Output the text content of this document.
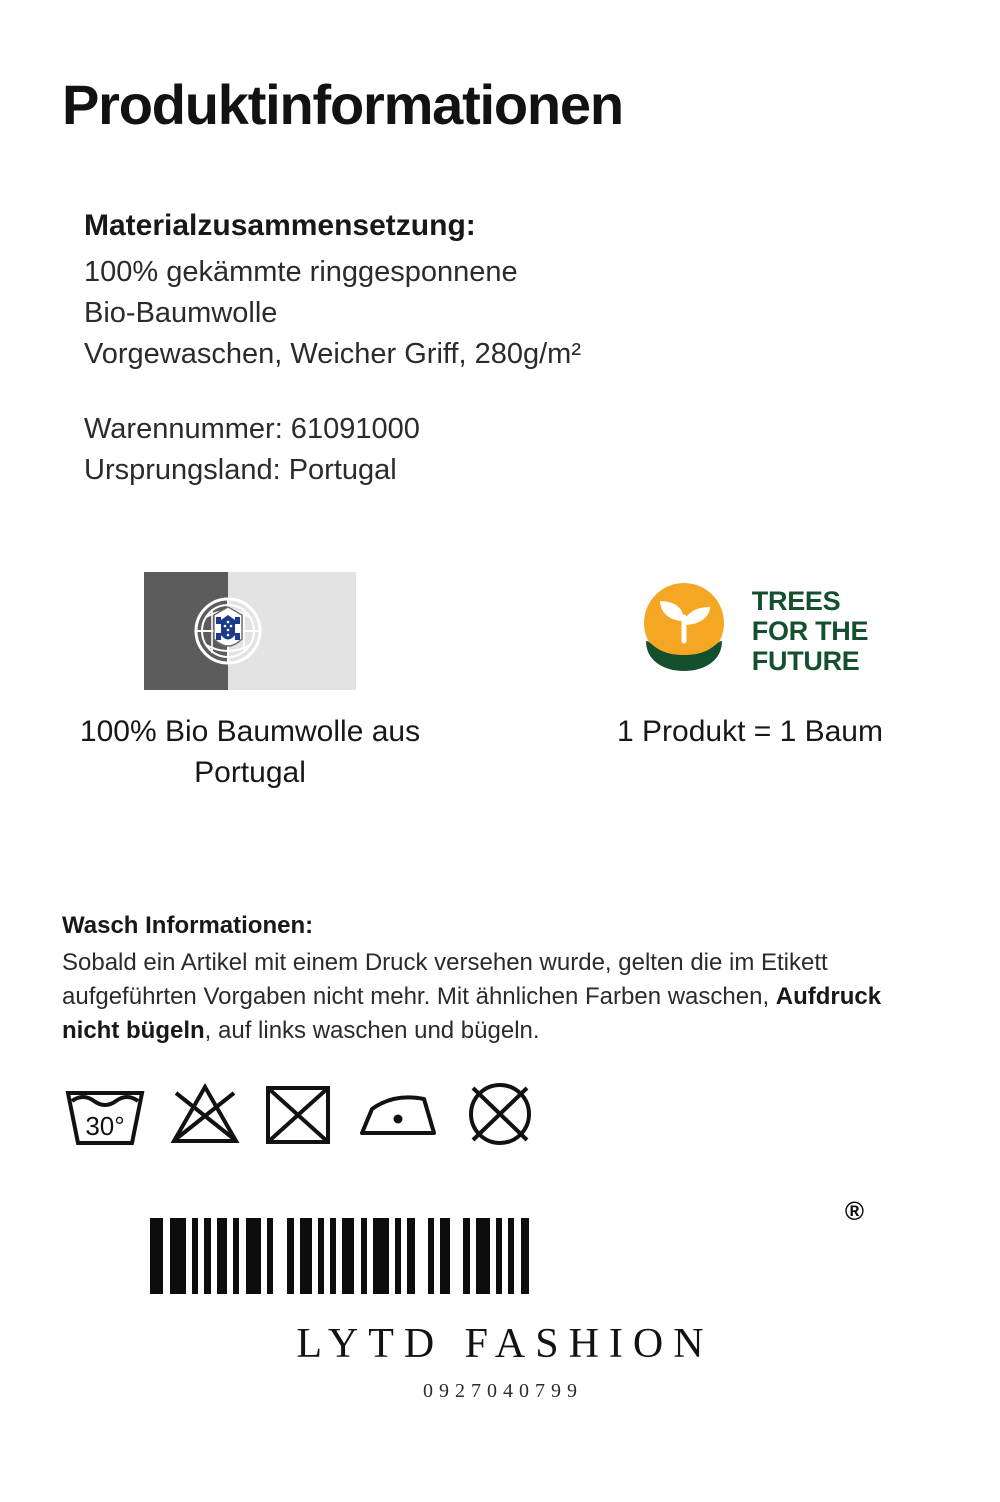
Produktinformationen
Materialzusammensetzung:
100% gekämmte ringgesponnene
Bio-Baumwolle
Vorgewaschen, Weicher Griff, 280g/m²
Warennummer: 61091000
Ursprungsland: Portugal
100% Bio Baumwolle aus Portugal
TREES
FOR THE
FUTURE
1 Produkt = 1 Baum
Wasch Informationen:
Sobald ein Artikel mit einem Druck versehen wurde, gelten die im Etikett aufgeführten Vorgaben nicht mehr. Mit ähnlichen Farben waschen, Aufdruck nicht bügeln, auf links waschen und bügeln.
30°
®
LYTD FASHION
0927040799
